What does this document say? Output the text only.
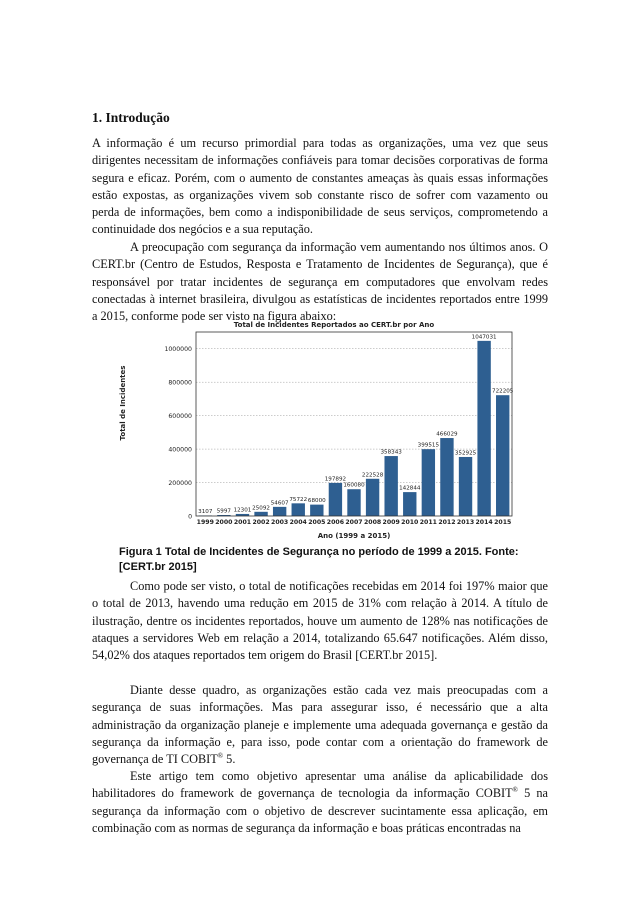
1. Introdução

A informação é um recurso primordial para todas as organizações, uma vez que seus dirigentes necessitam de informações confiáveis para tomar decisões corporativas de forma segura e eficaz. Porém, com o aumento de constantes ameaças às quais essas informações estão expostas, as organizações vivem sob constante risco de sofrer com vazamento ou perda de informações, bem como a indisponibilidade de seus serviços, comprometendo a continuidade dos negócios e a sua reputação.

A preocupação com segurança da informação vem aumentando nos últimos anos. O CERT.br (Centro de Estudos, Resposta e Tratamento de Incidentes de Segurança), que é responsável por tratar incidentes de segurança em computadores que envolvam redes conectadas à internet brasileira, divulgou as estatísticas de incidentes reportados entre 1999 a 2015, conforme pode ser visto na figura abaixo:

Total de Incidentes Reportados ao CERT.br por Ano
Total de Incidentes
Ano (1999 a 2015)
3107 5997 12301 25092
54607
75722 68000
197892
160080
222528
358343
142844
399515
466029
352925
1047031
722205
0
200000
400000
600000
800000
1000000
1999 2000 2001 2002 2003 2004 2005 2006 2007 2008 2009 2010 2011 2012 2013 2014 2015

Figura 1 Total de Incidentes de Segurança no período de 1999 a 2015. Fonte: [CERT.br 2015]

Como pode ser visto, o total de notificações recebidas em 2014 foi 197% maior que o total de 2013, havendo uma redução em 2015 de 31% com relação à 2014. A título de ilustração, dentre os incidentes reportados, houve um aumento de 128% nas notificações de ataques a servidores Web em relação a 2014, totalizando 65.647 notificações. Além disso, 54,02% dos ataques reportados tem origem do Brasil [CERT.br 2015].

Diante desse quadro, as organizações estão cada vez mais preocupadas com a segurança de suas informações. Mas para assegurar isso, é necessário que a alta administração da organização planeje e implemente uma adequada governança e gestão da segurança da informação e, para isso, pode contar com a orientação do framework de governança de TI COBIT® 5.

Este artigo tem como objetivo apresentar uma análise da aplicabilidade dos habilitadores do framework de governança de tecnologia da informação COBIT® 5 na segurança da informação com o objetivo de descrever sucintamente essa aplicação, em combinação com as normas de segurança da informação e boas práticas encontradas na
